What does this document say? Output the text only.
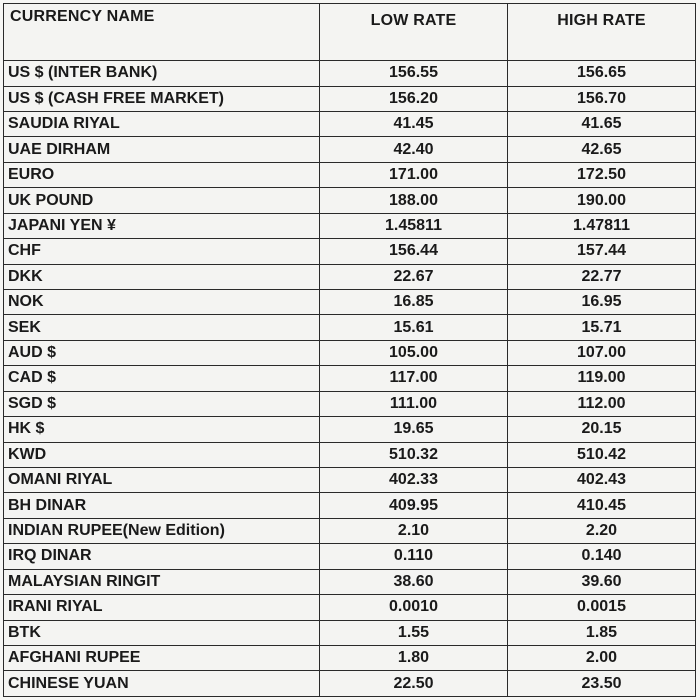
CURRENCY NAME	LOW RATE	HIGH RATE

US $ (INTER BANK)	156.55	156.65
US $ (CASH FREE MARKET)	156.20	156.70
SAUDIA RIYAL	41.45	41.65
UAE DIRHAM	42.40	42.65
EURO	171.00	172.50
UK POUND	188.00	190.00
JAPANI YEN ¥	1.45811	1.47811
CHF	156.44	157.44
DKK	22.67	22.77
NOK	16.85	16.95
SEK	15.61	15.71
AUD $	105.00	107.00
CAD $	117.00	119.00
SGD $	111.00	112.00
HK $	19.65	20.15
KWD	510.32	510.42
OMANI RIYAL	402.33	402.43
BH DINAR	409.95	410.45
INDIAN RUPEE(New Edition)	2.10	2.20
IRQ DINAR	0.110	0.140
MALAYSIAN RINGIT	38.60	39.60
IRANI RIYAL	0.0010	0.0015
BTK	1.55	1.85
AFGHANI RUPEE	1.80	2.00
CHINESE YUAN	22.50	23.50
